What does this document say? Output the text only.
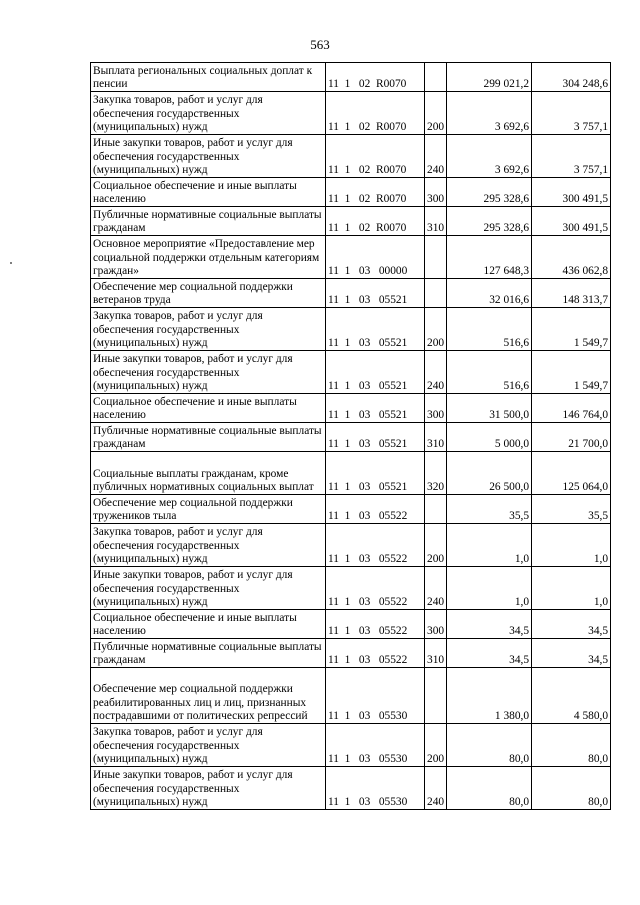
563
Выплата региональных социальных доплат к пенсии	11  1   02  R0070		299 021,2	304 248,6
Закупка товаров, работ и услуг для обеспечения государственных (муниципальных) нужд	11  1   02  R0070	200	3 692,6	3 757,1
Иные закупки товаров, работ и услуг для обеспечения государственных (муниципальных) нужд	11  1   02  R0070	240	3 692,6	3 757,1
Социальное обеспечение и иные выплаты населению	11  1   02  R0070	300	295 328,6	300 491,5
Публичные нормативные социальные выплаты гражданам	11  1   02  R0070	310	295 328,6	300 491,5
Основное мероприятие «Предоставление мер социальной поддержки отдельным категориям граждан»	11  1   03   00000		127 648,3	436 062,8
Обеспечение мер социальной поддержки ветеранов труда	11  1   03   05521		32 016,6	148 313,7
Закупка товаров, работ и услуг для обеспечения государственных (муниципальных) нужд	11  1   03   05521	200	516,6	1 549,7
Иные закупки товаров, работ и услуг для обеспечения государственных (муниципальных) нужд	11  1   03   05521	240	516,6	1 549,7
Социальное обеспечение и иные выплаты населению	11  1   03   05521	300	31 500,0	146 764,0
Публичные нормативные социальные выплаты гражданам	11  1   03   05521	310	5 000,0	21 700,0
Социальные выплаты гражданам, кроме публичных нормативных социальных выплат	11  1   03   05521	320	26 500,0	125 064,0
Обеспечение мер социальной поддержки тружеников тыла	11  1   03   05522		35,5	35,5
Закупка товаров, работ и услуг для обеспечения государственных (муниципальных) нужд	11  1   03   05522	200	1,0	1,0
Иные закупки товаров, работ и услуг для обеспечения государственных (муниципальных) нужд	11  1   03   05522	240	1,0	1,0
Социальное обеспечение и иные выплаты населению	11  1   03   05522	300	34,5	34,5
Публичные нормативные социальные выплаты гражданам	11  1   03   05522	310	34,5	34,5
Обеспечение мер социальной поддержки реабилитированных лиц и лиц, признанных пострадавшими от политических репрессий	11  1   03   05530		1 380,0	4 580,0
Закупка товаров, работ и услуг для обеспечения государственных (муниципальных) нужд	11  1   03   05530	200	80,0	80,0
Иные закупки товаров, работ и услуг для обеспечения государственных (муниципальных) нужд	11  1   03   05530	240	80,0	80,0
